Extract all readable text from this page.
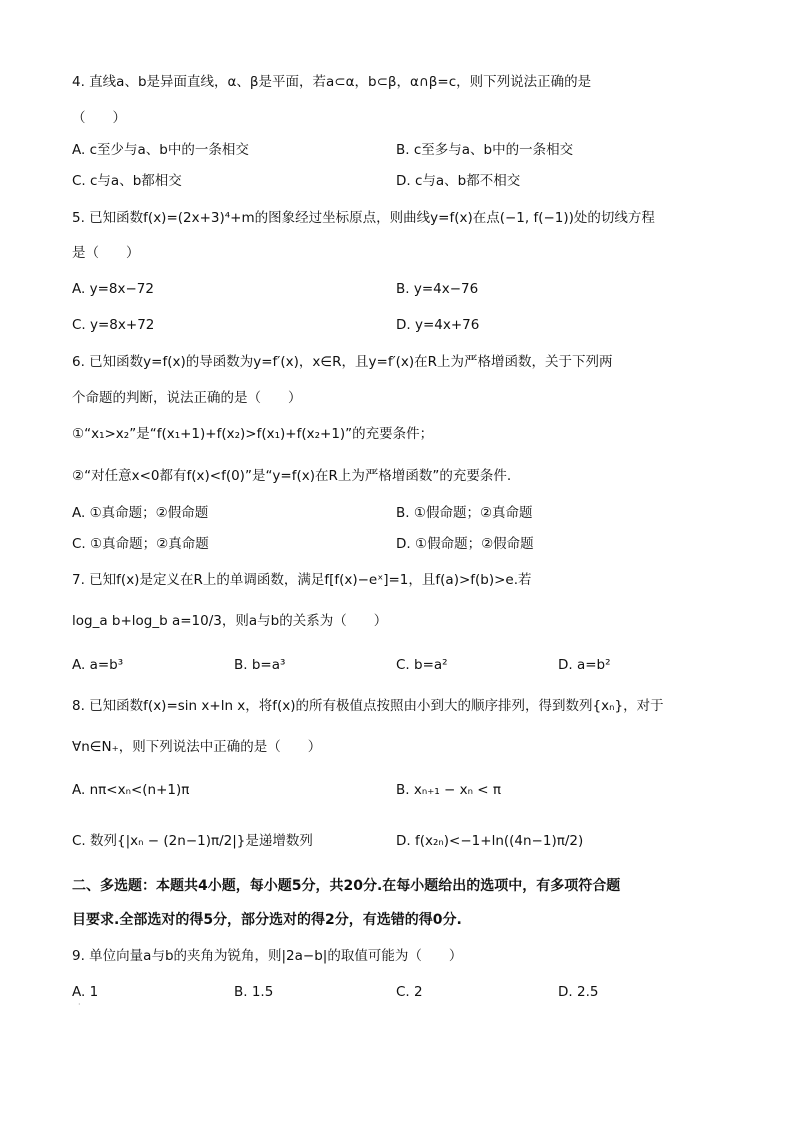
4. 直线a、b是异面直线，α、β是平面，若a⊂α，b⊂β，α∩β=c，则下列说法正确的是
（　　）
A. c至少与a、b中的一条相交	B. c至多与a、b中的一条相交
C. c与a、b都相交	D. c与a、b都不相交
5. 已知函数f(x)=(2x+3)⁴+m的图象经过坐标原点，则曲线y=f(x)在点(−1, f(−1))处的切线方程
是（　　）
A. y=8x−72	B. y=4x−76
C. y=8x+72	D. y=4x+76
6. 已知函数y=f(x)的导函数为y=f′(x)，x∈R，且y=f′(x)在R上为严格增函数，关于下列两
个命题的判断，说法正确的是（　　）
①“x₁>x₂”是“f(x₁+1)+f(x₂)>f(x₁)+f(x₂+1)”的充要条件；
②“对任意x<0都有f(x)<f(0)”是“y=f(x)在R上为严格增函数”的充要条件.
A. ①真命题；②假命题	B. ①假命题；②真命题
C. ①真命题；②真命题	D. ①假命题；②假命题
7. 已知f(x)是定义在R上的单调函数，满足f[f(x)−eˣ]=1，且f(a)>f(b)>e.若
log_a b+log_b a=10/3，则a与b的关系为（　　）
A. a=b³	B. b=a³	C. b=a²	D. a=b²
8. 已知函数f(x)=sin x+ln x，将f(x)的所有极值点按照由小到大的顺序排列，得到数列{xₙ}，对于
∀n∈N₊，则下列说法中正确的是（　　）
A. nπ<xₙ<(n+1)π	B. xₙ₊₁ − xₙ < π
C. 数列{|xₙ − (2n−1)π/2|}是递增数列	D. f(x₂ₙ)<−1+ln((4n−1)π/2)
二、多选题：本题共4小题，每小题5分，共20分.在每小题给出的选项中，有多项符合题
目要求.全部选对的得5分，部分选对的得2分，有选错的得0分.
9. 单位向量a与b的夹角为锐角，则|2a−b|的取值可能为（　　）
A. 1	B. 1.5	C. 2	D. 2.5
·
